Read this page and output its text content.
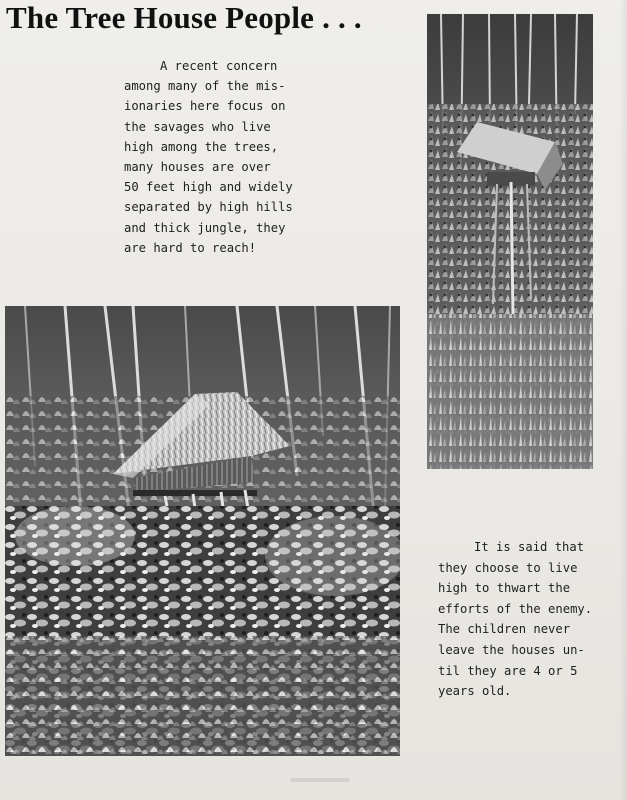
The Tree House People . . .
A recent concern
among many of the mis-
ionaries here focus on
the savages who live
high among the trees,
many houses are over
50 feet high and widely
separated by high hills
and thick jungle, they
are hard to reach!
It is said that
they choose to live
high to thwart the
efforts of the enemy.
The children never
leave the houses un-
til they are 4 or 5
years old.
